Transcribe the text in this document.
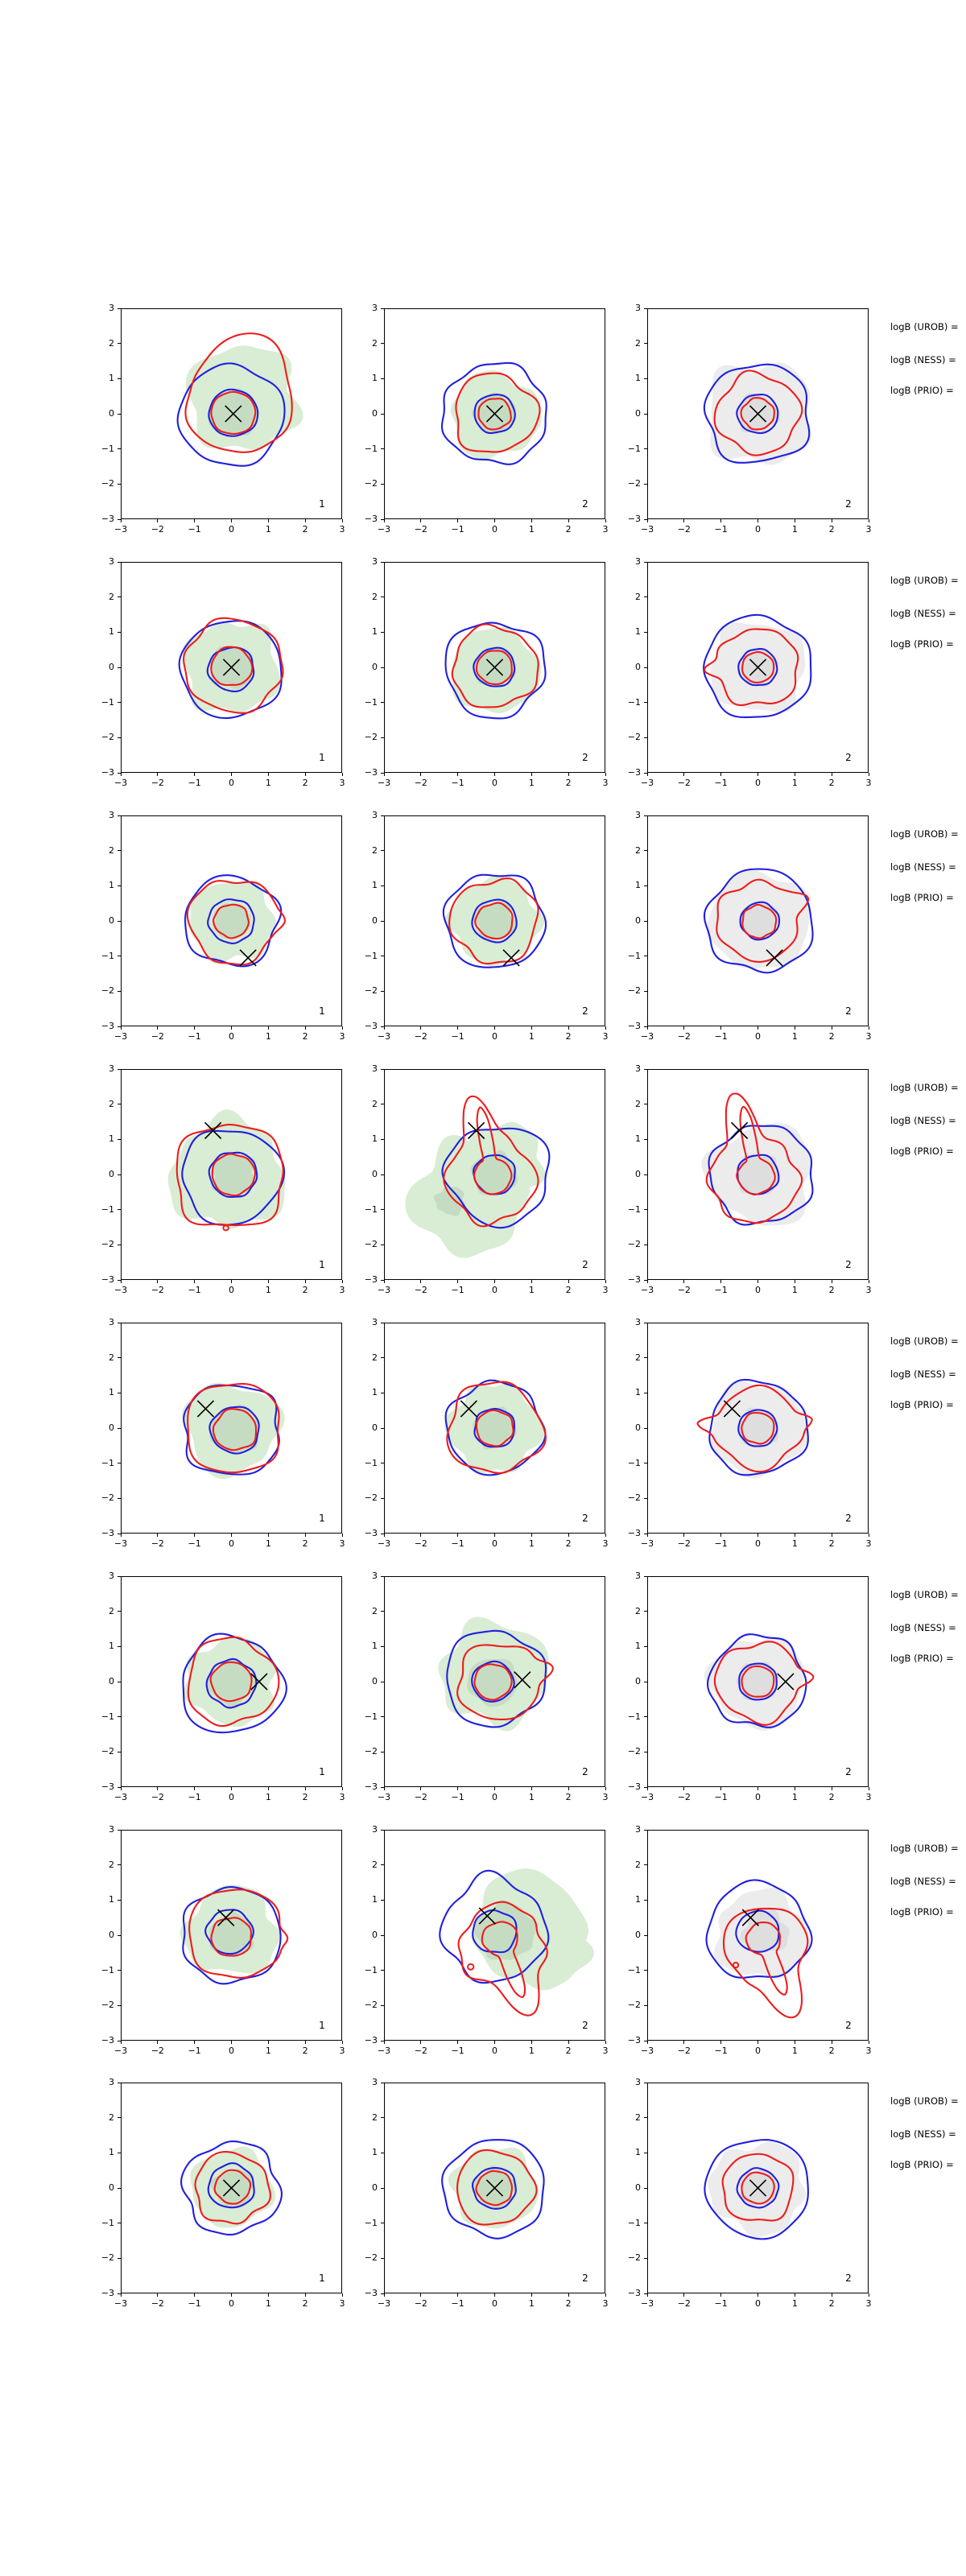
3
−3
2
−2
1
−1
0
0
−1
1
−2
2
−3
3
1
3
−3
2
−2
1
−1
0
0
−1
1
−2
2
−3
3
2
3
−3
2
−2
1
−1
0
0
−1
1
−2
2
−3
3
2
logB (UROB) =
logB (NESS) =
logB (PRIO) =
3
−3
2
−2
1
−1
0
0
−1
1
−2
2
−3
3
1
3
−3
2
−2
1
−1
0
0
−1
1
−2
2
−3
3
2
3
−3
2
−2
1
−1
0
0
−1
1
−2
2
−3
3
2
logB (UROB) =
logB (NESS) =
logB (PRIO) =
3
−3
2
−2
1
−1
0
0
−1
1
−2
2
−3
3
1
3
−3
2
−2
1
−1
0
0
−1
1
−2
2
−3
3
2
3
−3
2
−2
1
−1
0
0
−1
1
−2
2
−3
3
2
logB (UROB) =
logB (NESS) =
logB (PRIO) =
3
−3
2
−2
1
−1
0
0
−1
1
−2
2
−3
3
1
3
−3
2
−2
1
−1
0
0
−1
1
−2
2
−3
3
2
3
−3
2
−2
1
−1
0
0
−1
1
−2
2
−3
3
2
logB (UROB) =
logB (NESS) =
logB (PRIO) =
3
−3
2
−2
1
−1
0
0
−1
1
−2
2
−3
3
1
3
−3
2
−2
1
−1
0
0
−1
1
−2
2
−3
3
2
3
−3
2
−2
1
−1
0
0
−1
1
−2
2
−3
3
2
logB (UROB) =
logB (NESS) =
logB (PRIO) =
3
−3
2
−2
1
−1
0
0
−1
1
−2
2
−3
3
1
3
−3
2
−2
1
−1
0
0
−1
1
−2
2
−3
3
2
3
−3
2
−2
1
−1
0
0
−1
1
−2
2
−3
3
2
logB (UROB) =
logB (NESS) =
logB (PRIO) =
3
−3
2
−2
1
−1
0
0
−1
1
−2
2
−3
3
1
3
−3
2
−2
1
−1
0
0
−1
1
−2
2
−3
3
2
3
−3
2
−2
1
−1
0
0
−1
1
−2
2
−3
3
2
logB (UROB) =
logB (NESS) =
logB (PRIO) =
3
−3
2
−2
1
−1
0
0
−1
1
−2
2
−3
3
1
3
−3
2
−2
1
−1
0
0
−1
1
−2
2
−3
3
2
3
−3
2
−2
1
−1
0
0
−1
1
−2
2
−3
3
2
logB (UROB) =
logB (NESS) =
logB (PRIO) =
